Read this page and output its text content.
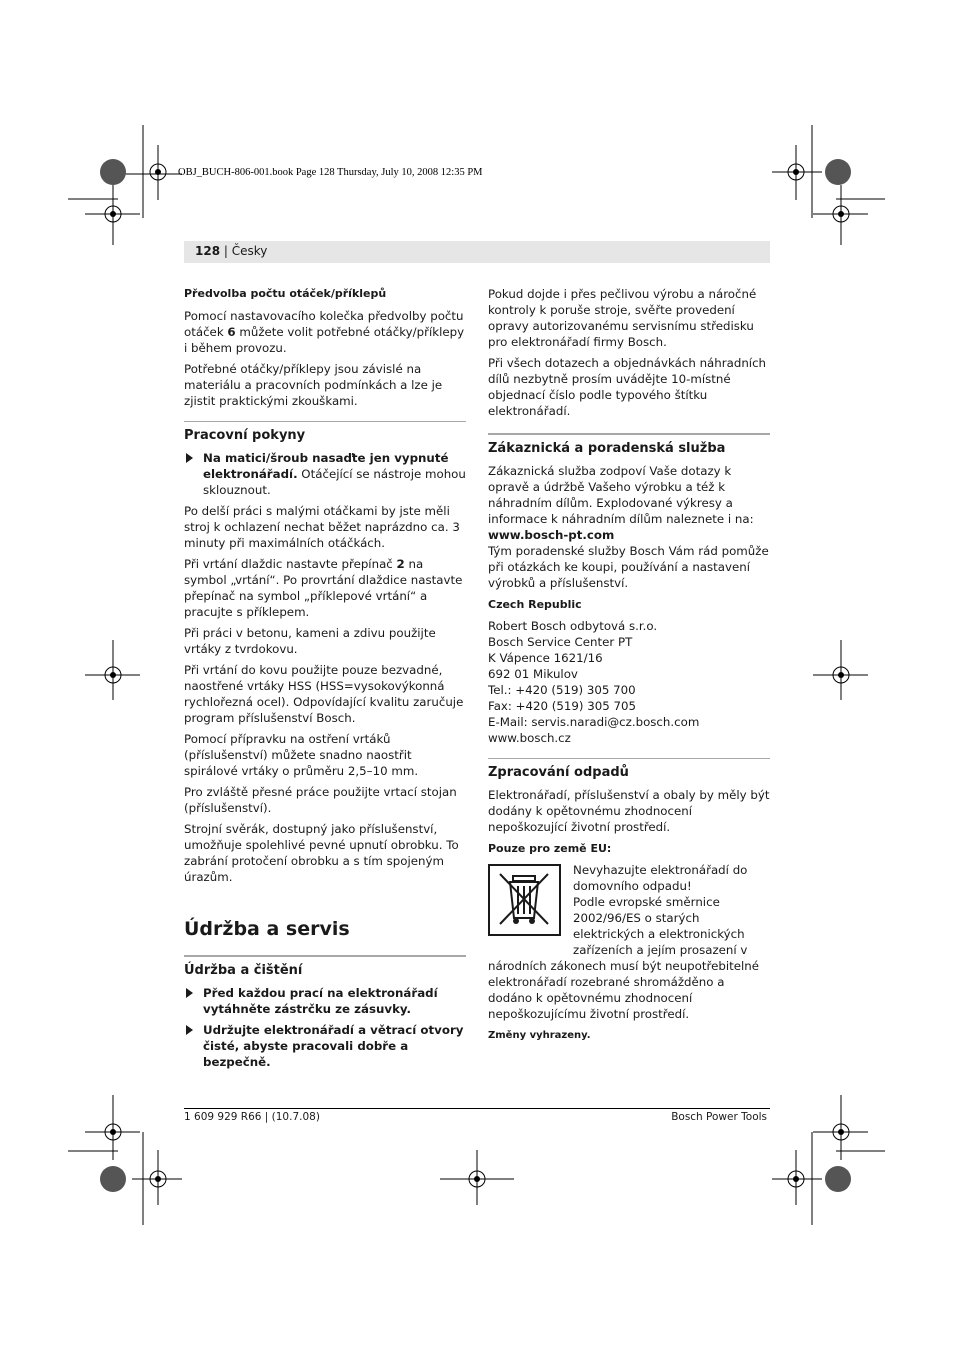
OBJ_BUCH-806-001.book Page 128 Thursday, July 10, 2008 12:35 PM
128 | Česky
Předvolba počtu otáček/příklepů

Pomocí nastavovacího kolečka předvolby počtu otáček 6 můžete volit potřebné otáčky/příklepy i během provozu.

Potřebné otáčky/příklepy jsou závislé na materiálu a pracovních podmínkách a lze je zjistit praktickými zkouškami.

Pracovní pokyny
Na matici/šroub nasaďte jen vypnuté elektronářadí. Otáčející se nástroje mohou sklouznout.

Po delší práci s malými otáčkami by jste měli stroj k ochlazení nechat běžet naprázdno ca. 3 minuty při maximálních otáčkách.

Při vrtání dlaždic nastavte přepínač 2 na symbol „vrtání“. Po provrtání dlaždice nastavte přepínač na symbol „příklepové vrtání“ a pracujte s příklepem.

Při práci v betonu, kameni a zdivu použijte vrtáky z tvrdokovu.

Při vrtání do kovu použijte pouze bezvadné, naostřené vrtáky HSS (HSS=vysokovýkonná rychlořezná ocel). Odpovídající kvalitu zaručuje program příslušenství Bosch.

Pomocí přípravku na ostření vrtáků (příslušenství) můžete snadno naostřit spirálové vrtáky o průměru 2,5–10 mm.

Pro zvláště přesné práce použijte vrtací stojan (příslušenství).

Strojní svěrák, dostupný jako příslušenství, umožňuje spolehlivé pevné upnutí obrobku. To zabrání protočení obrobku a s tím spojeným úrazům.

Údržba a servis
Údržba a čištění
Před každou prací na elektronářadí vytáhněte zástrčku ze zásuvky.
Udržujte elektronářadí a větrací otvory čisté, abyste pracovali dobře a bezpečně.

Pokud dojde i přes pečlivou výrobu a náročné kontroly k poruše stroje, svěřte provedení opravy autorizovanému servisnímu středisku pro elektronářadí firmy Bosch.

Při všech dotazech a objednávkách náhradních dílů nezbytně prosím uvádějte 10-místné objednací číslo podle typového štítku elektronářadí.

Zákaznická a poradenská služba

Zákaznická služba zodpoví Vaše dotazy k opravě a údržbě Vašeho výrobku a též k náhradním dílům. Explodované výkresy a informace k náhradním dílům naleznete i na:
www.bosch-pt.com

Tým poradenské služby Bosch Vám rád pomůže při otázkách ke koupi, používání a nastavení výrobků a příslušenství.

Czech Republic
Robert Bosch odbytová s.r.o.
Bosch Service Center PT
K Vápence 1621/16
692 01 Mikulov
Tel.: +420 (519) 305 700
Fax: +420 (519) 305 705
E-Mail: servis.naradi@cz.bosch.com
www.bosch.cz
Zpracování odpadů

Elektronářadí, příslušenství a obaly by měly být dodány k opětovnému zhodnocení nepoškozující životní prostředí.

Pouze pro země EU:
Nevyhazujte elektronářadí do domovního odpadu!
Podle evropské směrnice 2002/96/ES o starých elektrických a elektronických zařízeních a jejím prosazení v

národních zákonech musí být neupotřebitelné elektronářadí rozebrané shromážděno a dodáno k opětovnému zhodnocení nepoškozujícímu životní prostředí.

Změny vyhrazeny.
1 609 929 R66 | (10.7.08)	Bosch Power Tools
